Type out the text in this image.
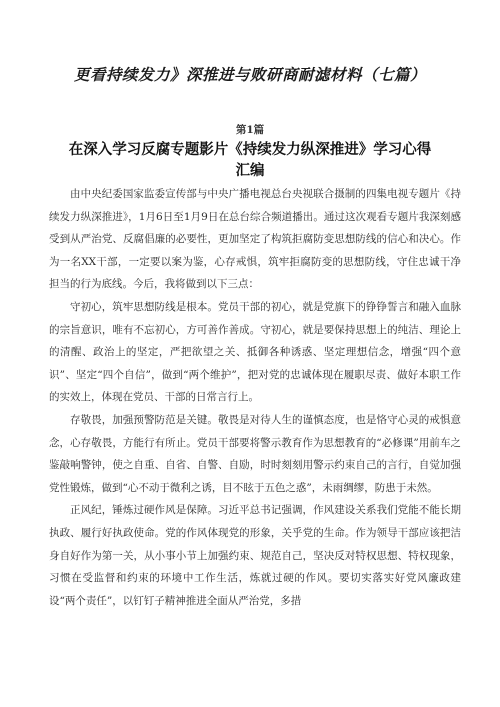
更看持续发力》深推进与败研商耐滤材料（七篇）
第1篇
在深入学习反腐专题影片《持续发力纵深推进》学习心得
汇编

由中央纪委国家监委宣传部与中央广播电视总台央视联合摄制的四集电视专题片《持续发力纵深推进》，1月6日至1月9日在总台综合频道播出。通过这次观看专题片我深刻感受到从严治党、反腐倡廉的必要性，更加坚定了构筑拒腐防变思想防线的信心和决心。作为一名XX干部，一定要以案为鉴，心存戒惧，筑牢拒腐防变的思想防线，守住忠诚干净担当的行为底线。今后，我将做到以下三点：

守初心，筑牢思想防线是根本。党员干部的初心，就是党旗下的铮铮誓言和融入血脉的宗旨意识，唯有不忘初心，方可善作善成。守初心，就是要保持思想上的纯洁、理论上的清醒、政治上的坚定，严把欲望之关、抵御各种诱惑、坚定理想信念，增强“四个意识”、坚定“四个自信”，做到“两个维护”，把对党的忠诚体现在履职尽责、做好本职工作的实效上，体现在党员、干部的日常言行上。

存敬畏，加强预警防范是关键。敬畏是对待人生的谨慎态度，也是恪守心灵的戒惧意念，心存敬畏，方能行有所止。党员干部要将警示教育作为思想教育的“必修课”用前车之鉴敲响警钟，使之自重、自省、自警、自励，时时刻刻用警示约束自己的言行，自觉加强党性锻炼，做到“心不动于微利之诱，目不眩于五色之惑”，未雨绸缪，防患于未然。

正风纪，锤炼过硬作风是保障。习近平总书记强调，作风建设关系我们党能不能长期执政、履行好执政使命。党的作风体现党的形象，关乎党的生命。作为领导干部应该把洁身自好作为第一关，从小事小节上加强约束、规范自己，坚决反对特权思想、特权现象，习惯在受监督和约束的环境中工作生活，炼就过硬的作风。要切实落实好党风廉政建设“两个责任”，以钉钉子精神推进全面从严治党，多措
